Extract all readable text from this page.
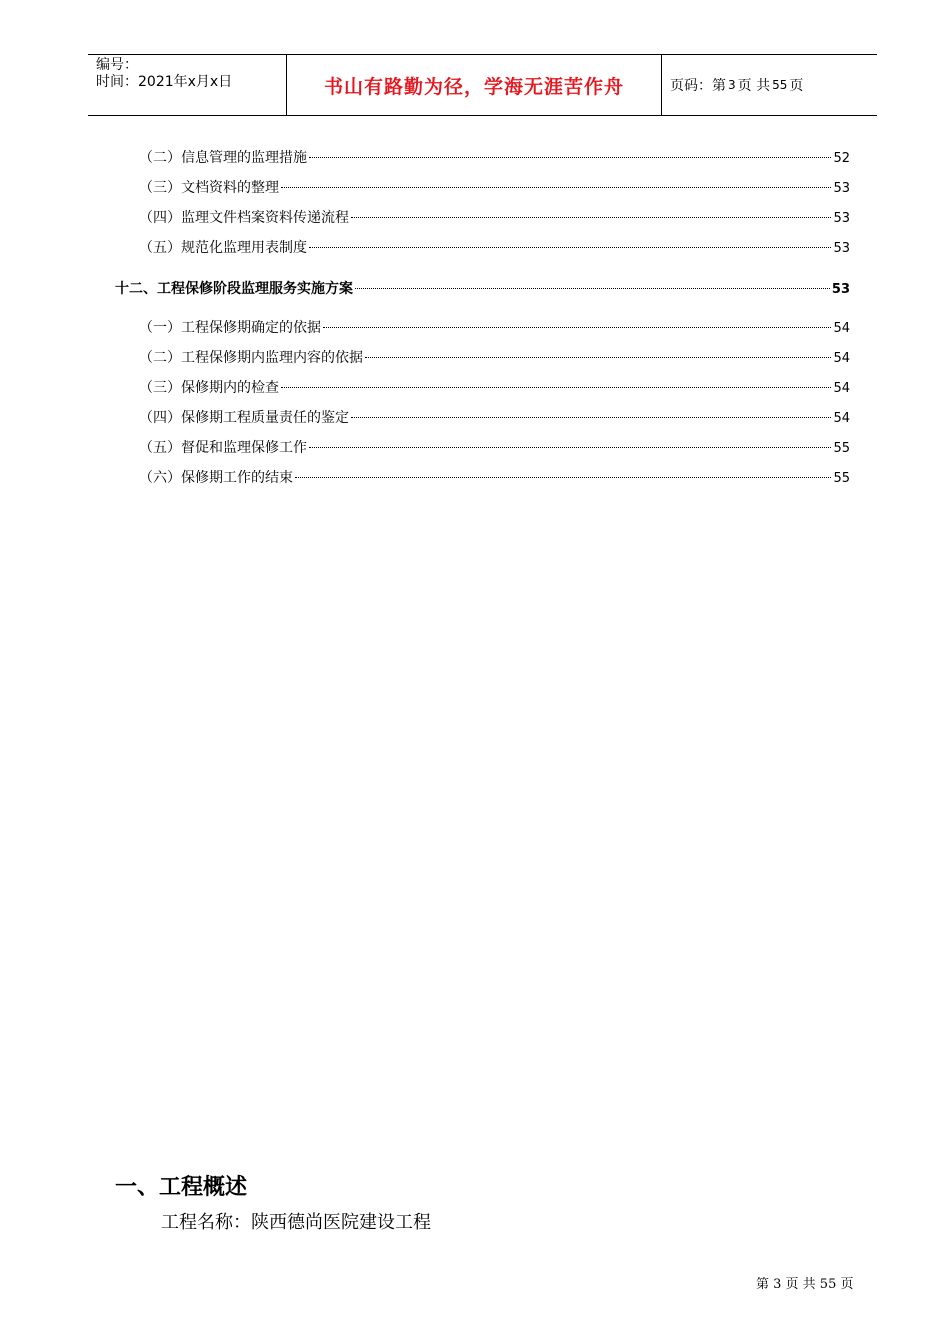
编号：
时间：2021年x月x日	书山有路勤为径，学海无涯苦作舟	页码：第 3 页 共 55 页
（二）信息管理的监理措施	52
（三）文档资料的整理	53
（四）监理文件档案资料传递流程	53
（五）规范化监理用表制度	53
十二、工程保修阶段监理服务实施方案	53
（一）工程保修期确定的依据	54
（二）工程保修期内监理内容的依据	54
（三）保修期内的检查	54
（四）保修期工程质量责任的鉴定	54
（五）督促和监理保修工作	55
（六）保修期工作的结束	55
一、工程概述
工程名称：陕西德尚医院建设工程
第 3 页 共 55 页
